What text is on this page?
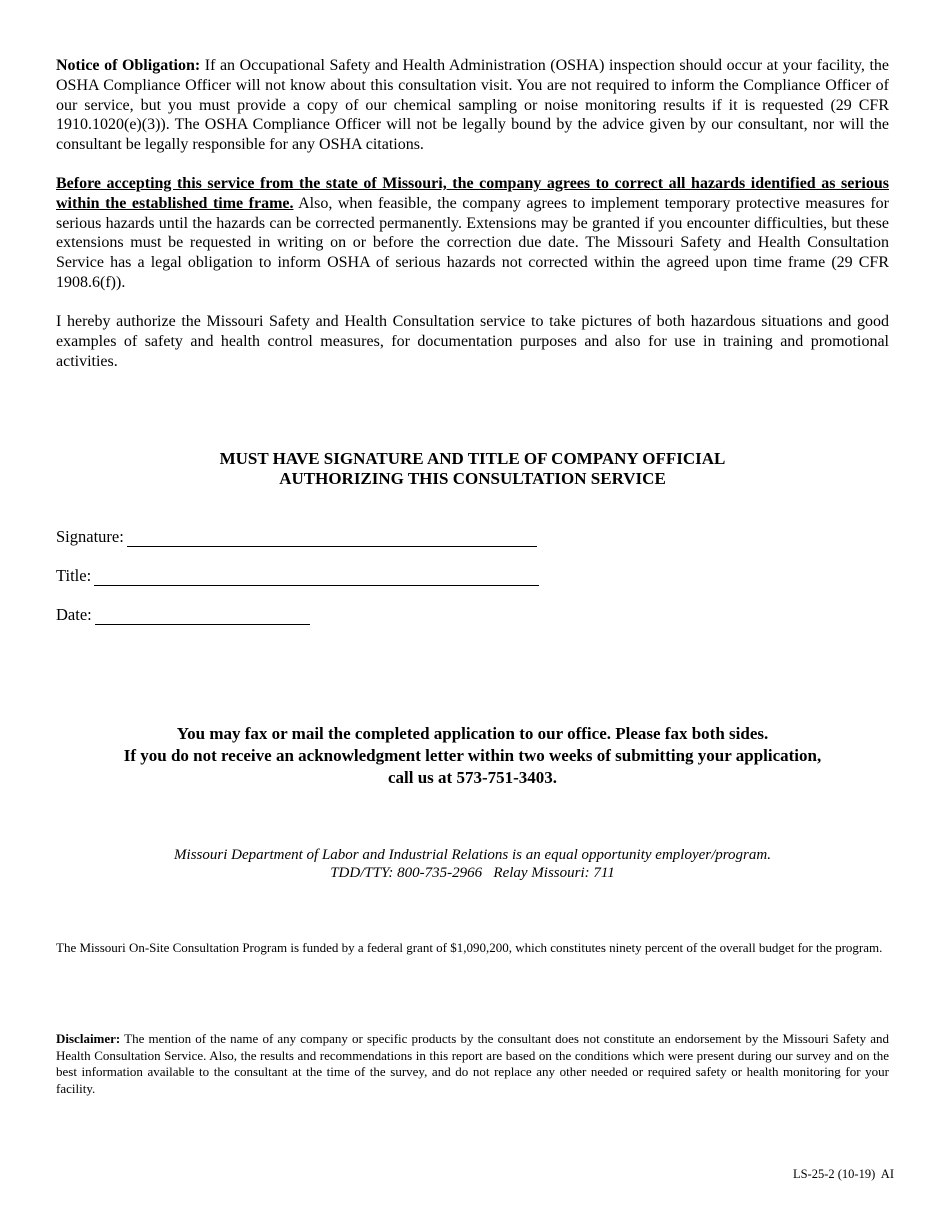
Notice of Obligation: If an Occupational Safety and Health Administration (OSHA) inspection should occur at your facility, the OSHA Compliance Officer will not know about this consultation visit. You are not required to inform the Compliance Officer of our service, but you must provide a copy of our chemical sampling or noise monitoring results if it is requested (29 CFR 1910.1020(e)(3)). The OSHA Compliance Officer will not be legally bound by the advice given by our consultant, nor will the consultant be legally responsible for any OSHA citations.

Before accepting this service from the state of Missouri, the company agrees to correct all hazards identified as serious within the established time frame. Also, when feasible, the company agrees to implement temporary protective measures for serious hazards until the hazards can be corrected permanently. Extensions may be granted if you encounter difficulties, but these extensions must be requested in writing on or before the correction due date. The Missouri Safety and Health Consultation Service has a legal obligation to inform OSHA of serious hazards not corrected within the agreed upon time frame (29 CFR 1908.6(f)).

I hereby authorize the Missouri Safety and Health Consultation service to take pictures of both hazardous situations and good examples of safety and health control measures, for documentation purposes and also for use in training and promotional activities.

MUST HAVE SIGNATURE AND TITLE OF COMPANY OFFICIAL
AUTHORIZING THIS CONSULTATION SERVICE
Signature:
Title:
Date:
You may fax or mail the completed application to our office. Please fax both sides.
If you do not receive an acknowledgment letter within two weeks of submitting your application,
call us at 573-751-3403.
Missouri Department of Labor and Industrial Relations is an equal opportunity employer/program.
TDD/TTY: 800-735-2966   Relay Missouri: 711

The Missouri On-Site Consultation Program is funded by a federal grant of $1,090,200, which constitutes ninety percent of the overall budget for the program.

Disclaimer: The mention of the name of any company or specific products by the consultant does not constitute an endorsement by the Missouri Safety and Health Consultation Service. Also, the results and recommendations in this report are based on the conditions which were present during our survey and on the best information available to the consultant at the time of the survey, and do not replace any other needed or required safety or health monitoring for your facility.

LS-25-2 (10-19)  AI
